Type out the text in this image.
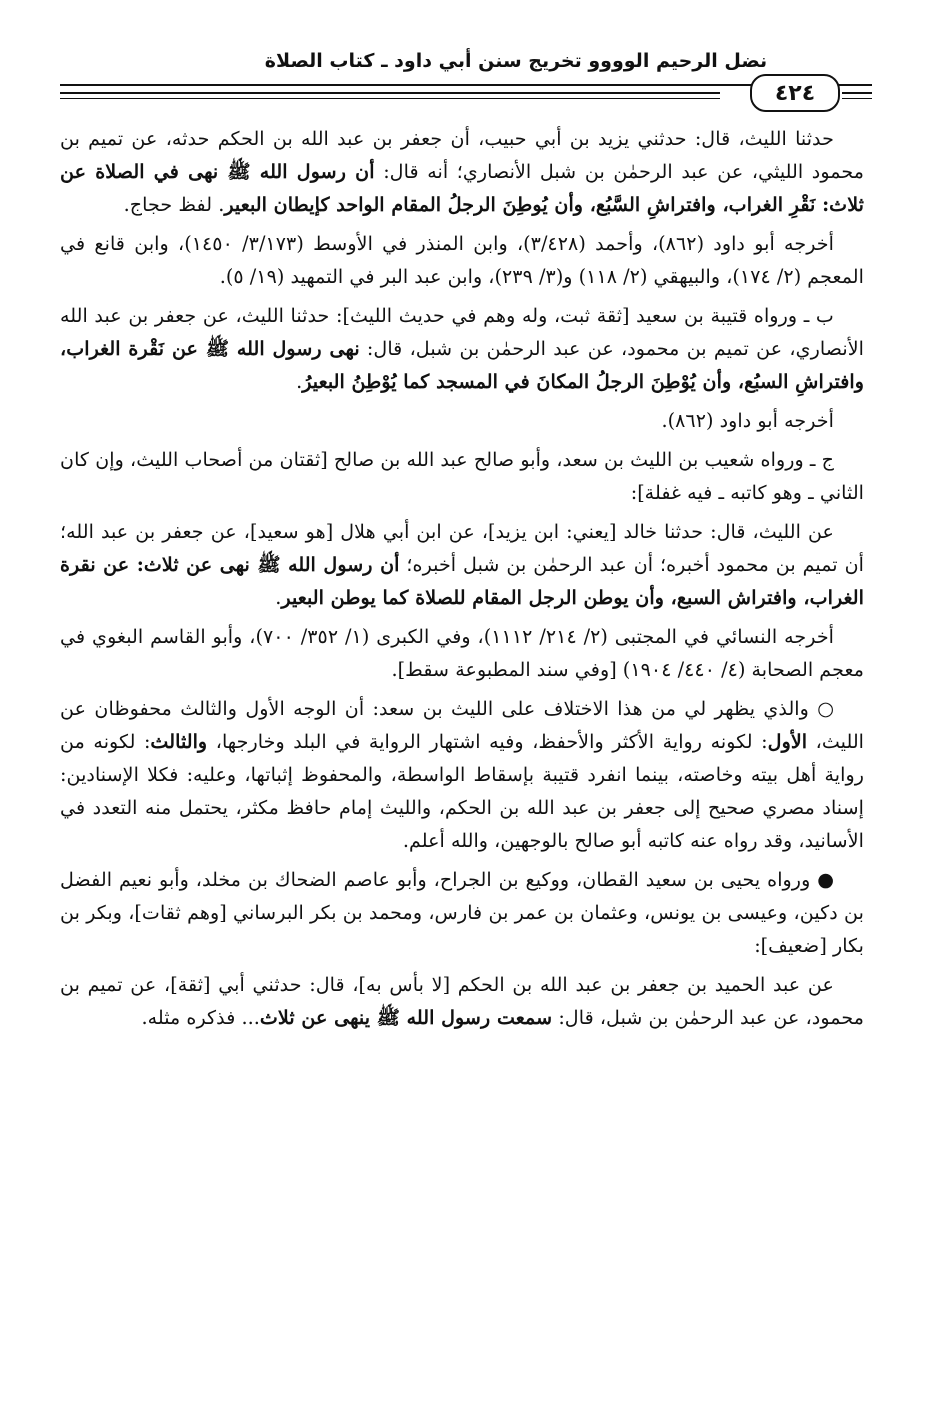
نضل الرحيم الوووو تخريج سنن أبي داود ـ كتاب الصلاة
٤٢٤

حدثنا الليث، قال: حدثني يزيد بن أبي حبيب، أن جعفر بن عبد الله بن الحكم حدثه، عن تميم بن محمود الليثي، عن عبد الرحمٰن بن شبل الأنصاري؛ أنه قال: أن رسول الله ﷺ نهى في الصلاة عن ثلاث: نَقْرِ الغراب، وافتراشِ السَّبُع، وأن يُوطِنَ الرجلُ المقام الواحد كإيطان البعير. لفظ حجاج.

أخرجه أبو داود (٨٦٢)، وأحمد (٣/٤٢٨)، وابن المنذر في الأوسط (٣/١٧٣/ ١٤٥٠)، وابن قانع في المعجم (٢/ ١٧٤)، والبيهقي (٢/ ١١٨) و(٣/ ٢٣٩)، وابن عبد البر في التمهيد (١٩/ ٥).

ب ـ ورواه قتيبة بن سعيد [ثقة ثبت، وله وهم في حديث الليث]: حدثنا الليث، عن جعفر بن عبد الله الأنصاري، عن تميم بن محمود، عن عبد الرحمٰن بن شبل، قال: نهى رسول الله ﷺ عن نَقْرة الغراب، وافتراشِ السبُع، وأن يُوْطِنَ الرجلُ المكانَ في المسجد كما يُوْطِنُ البعيرُ.

أخرجه أبو داود (٨٦٢).

ج ـ ورواه شعيب بن الليث بن سعد، وأبو صالح عبد الله بن صالح [ثقتان من أصحاب الليث، وإن كان الثاني ـ وهو كاتبه ـ فيه غفلة]:

عن الليث، قال: حدثنا خالد [يعني: ابن يزيد]، عن ابن أبي هلال [هو سعيد]، عن جعفر بن عبد الله؛ أن تميم بن محمود أخبره؛ أن عبد الرحمٰن بن شبل أخبره؛ أن رسول الله ﷺ نهى عن ثلاث: عن نقرة الغراب، وافتراش السبع، وأن يوطن الرجل المقام للصلاة كما يوطن البعير.

أخرجه النسائي في المجتبى (٢/ ٢١٤/ ١١١٢)، وفي الكبرى (١/ ٣٥٢/ ٧٠٠)، وأبو القاسم البغوي في معجم الصحابة (٤/ ٤٤٠/ ١٩٠٤) [وفي سند المطبوعة سقط].

○ والذي يظهر لي من هذا الاختلاف على الليث بن سعد: أن الوجه الأول والثالث محفوظان عن الليث، الأول: لكونه رواية الأكثر والأحفظ، وفيه اشتهار الرواية في البلد وخارجها، والثالث: لكونه من رواية أهل بيته وخاصته، بينما انفرد قتيبة بإسقاط الواسطة، والمحفوظ إثباتها، وعليه: فكلا الإسنادين: إسناد مصري صحيح إلى جعفر بن عبد الله بن الحكم، والليث إمام حافظ مكثر، يحتمل منه التعدد في الأسانيد، وقد رواه عنه كاتبه أبو صالح بالوجهين، والله أعلم.

● ورواه يحيى بن سعيد القطان، ووكيع بن الجراح، وأبو عاصم الضحاك بن مخلد، وأبو نعيم الفضل بن دكين، وعيسى بن يونس، وعثمان بن عمر بن فارس، ومحمد بن بكر البرساني [وهم ثقات]، وبكر بن بكار [ضعيف]:

عن عبد الحميد بن جعفر بن عبد الله بن الحكم [لا بأس به]، قال: حدثني أبي [ثقة]، عن تميم بن محمود، عن عبد الرحمٰن بن شبل، قال: سمعت رسول الله ﷺ ينهى عن ثلاث... فذكره مثله.
